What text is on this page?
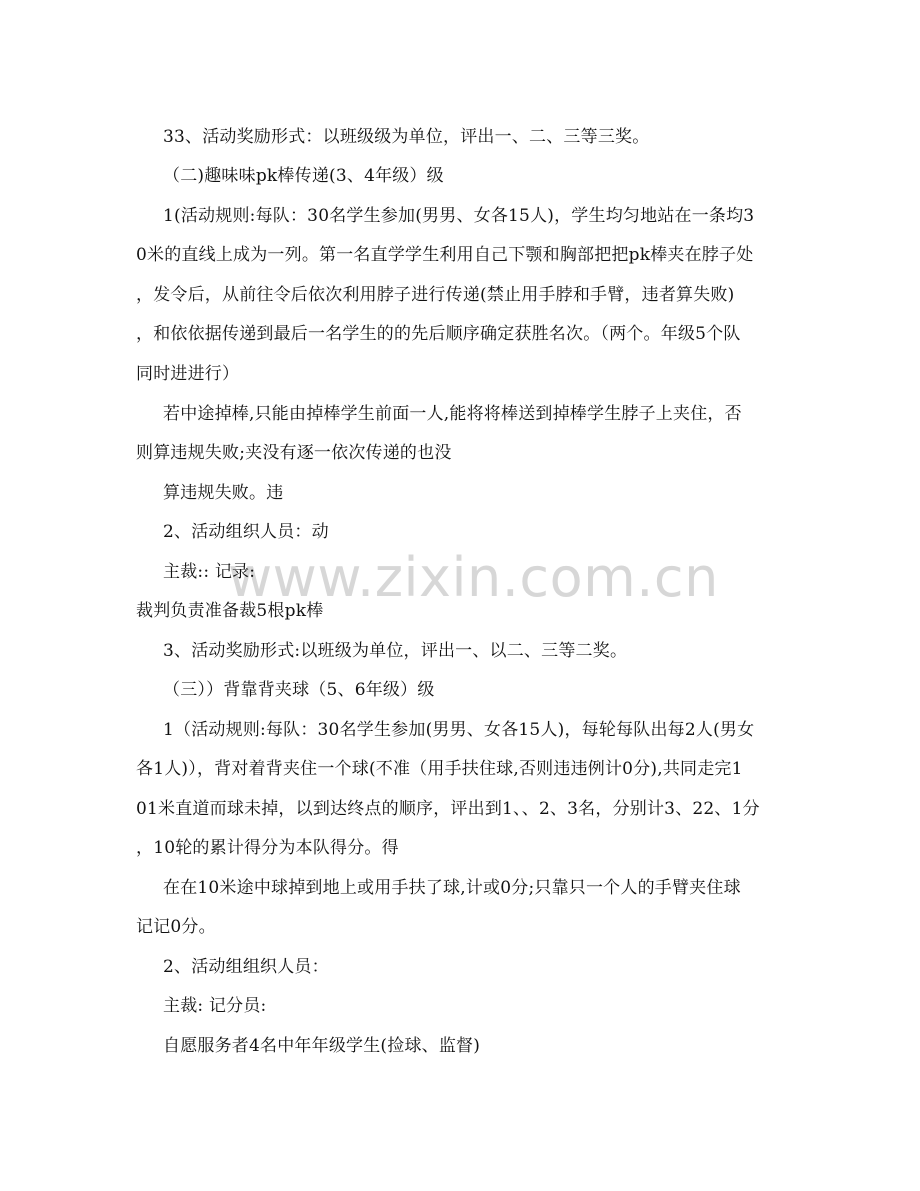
www.zixin.com.cn
33、活动奖励形式：以班级级为单位，评出一、二、三等三奖。
（二)趣味味pk棒传递(3、4年级）级
1(活动规则:每队：30名学生参加(男男、女各15人)，学生均匀地站在一条均3
0米的直线上成为一列。第一名直学学生利用自己下颚和胸部把把pk棒夹在脖子处
，发令后，从前往令后依次利用脖子进行传递(禁止用手脖和手臂，违者算失败)
，和依依据传递到最后一名学生的的先后顺序确定获胜名次。（两个。年级5个队
同时进进行）
若中途掉棒,只能由掉棒学生前面一人,能将将棒送到掉棒学生脖子上夹住，否
则算违规失败;夹没有逐一依次传递的也没
算违规失败。违
2、活动组织人员：动
主裁:: 记录:
裁判负责准备裁5根pk棒
3、活动奖励形式:以班级为单位，评出一、以二、三等二奖。
（三））背靠背夹球（5、6年级）级
1（活动规则:每队：30名学生参加(男男、女各15人)，每轮每队出每2人(男女
各1人)），背对着背夹住一个球(不准（用手扶住球,否则违违例计0分),共同走完1
01米直道而球未掉，以到达终点的顺序，评出到1、、2、3名，分别计3、22、1分
，10轮的累计得分为本队得分。得
在在10米途中球掉到地上或用手扶了球,计或0分;只靠只一个人的手臂夹住球
记记0分。
2、活动组组织人员：
主裁: 记分员:
自愿服务者4名中年年级学生(捡球、监督)
